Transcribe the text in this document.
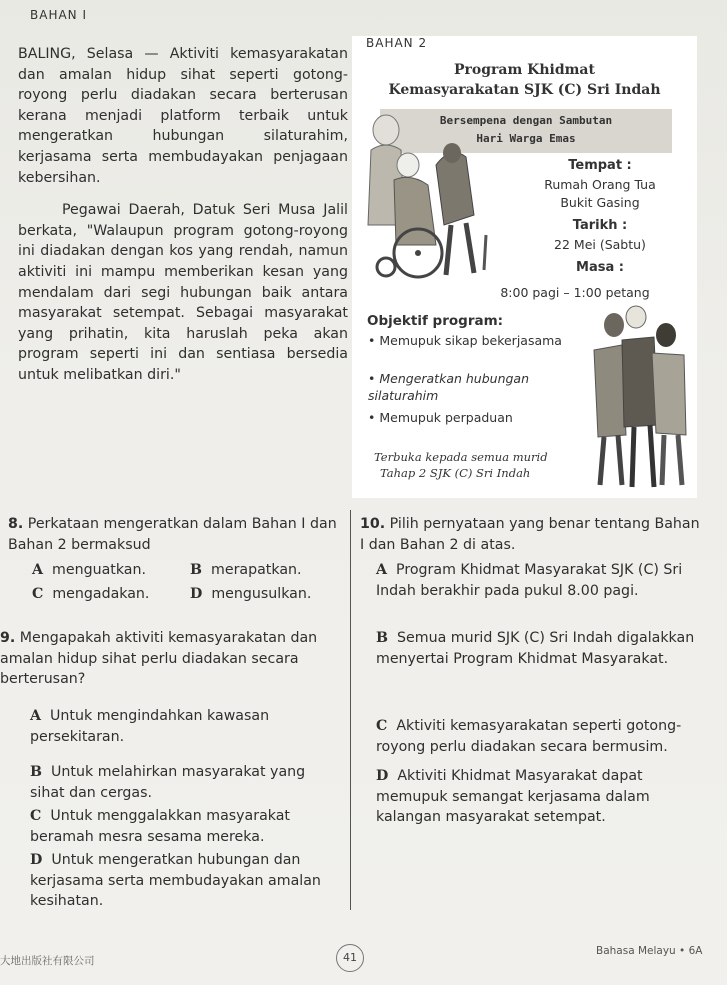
BAHAN I

BALING, Selasa — Aktiviti kemasyarakatan dan amalan hidup sihat seperti gotong-royong perlu diadakan secara berterusan kerana menjadi platform terbaik untuk mengeratkan hubungan silaturahim, kerjasama serta membudayakan penjagaan kebersihan.

Pegawai Daerah, Datuk Seri Musa Jalil berkata, "Walaupun program gotong-royong ini diadakan dengan kos yang rendah, namun aktiviti ini mampu memberikan kesan yang mendalam dari segi hubungan baik antara masyarakat setempat. Sebagai masyarakat yang prihatin, kita haruslah peka akan program seperti ini dan sentiasa bersedia untuk melibatkan diri."

BAHAN 2
Program Khidmat
Kemasyarakatan SJK (C) Sri Indah
Bersempena dengan Sambutan
Hari Warga Emas
Tempat :
Rumah Orang Tua
Bukit Gasing
Tarikh :
22 Mei (Sabtu)
Masa :
8:00 pagi – 1:00 petang
Objektif program:
• Memupuk sikap bekerjasama
• Mengeratkan hubungan silaturahim
• Memupuk perpaduan
Terbuka kepada semua murid
Tahap 2 SJK (C) Sri Indah
8. Perkataan mengeratkan dalam Bahan I dan Bahan 2 bermaksud
A menguatkan.	B merapatkan.
C mengadakan.	D mengusulkan.
9. Mengapakah aktiviti kemasyarakatan dan amalan hidup sihat perlu diadakan secara berterusan?
A Untuk mengindahkan kawasan persekitaran.
B Untuk melahirkan masyarakat yang sihat dan cergas.
C Untuk menggalakkan masyarakat beramah mesra sesama mereka.
D Untuk mengeratkan hubungan dan kerjasama serta membudayakan amalan kesihatan.
10. Pilih pernyataan yang benar tentang Bahan I dan Bahan 2 di atas.
A Program Khidmat Masyarakat SJK (C) Sri Indah berakhir pada pukul 8.00 pagi.
B Semua murid SJK (C) Sri Indah digalakkan menyertai Program Khidmat Masyarakat.
C Aktiviti kemasyarakatan seperti gotong-royong perlu diadakan secara bermusim.
D Aktiviti Khidmat Masyarakat dapat memupuk semangat kerjasama dalam kalangan masyarakat setempat.
41	Bahasa Melayu • 6A
大地出版社有限公司
